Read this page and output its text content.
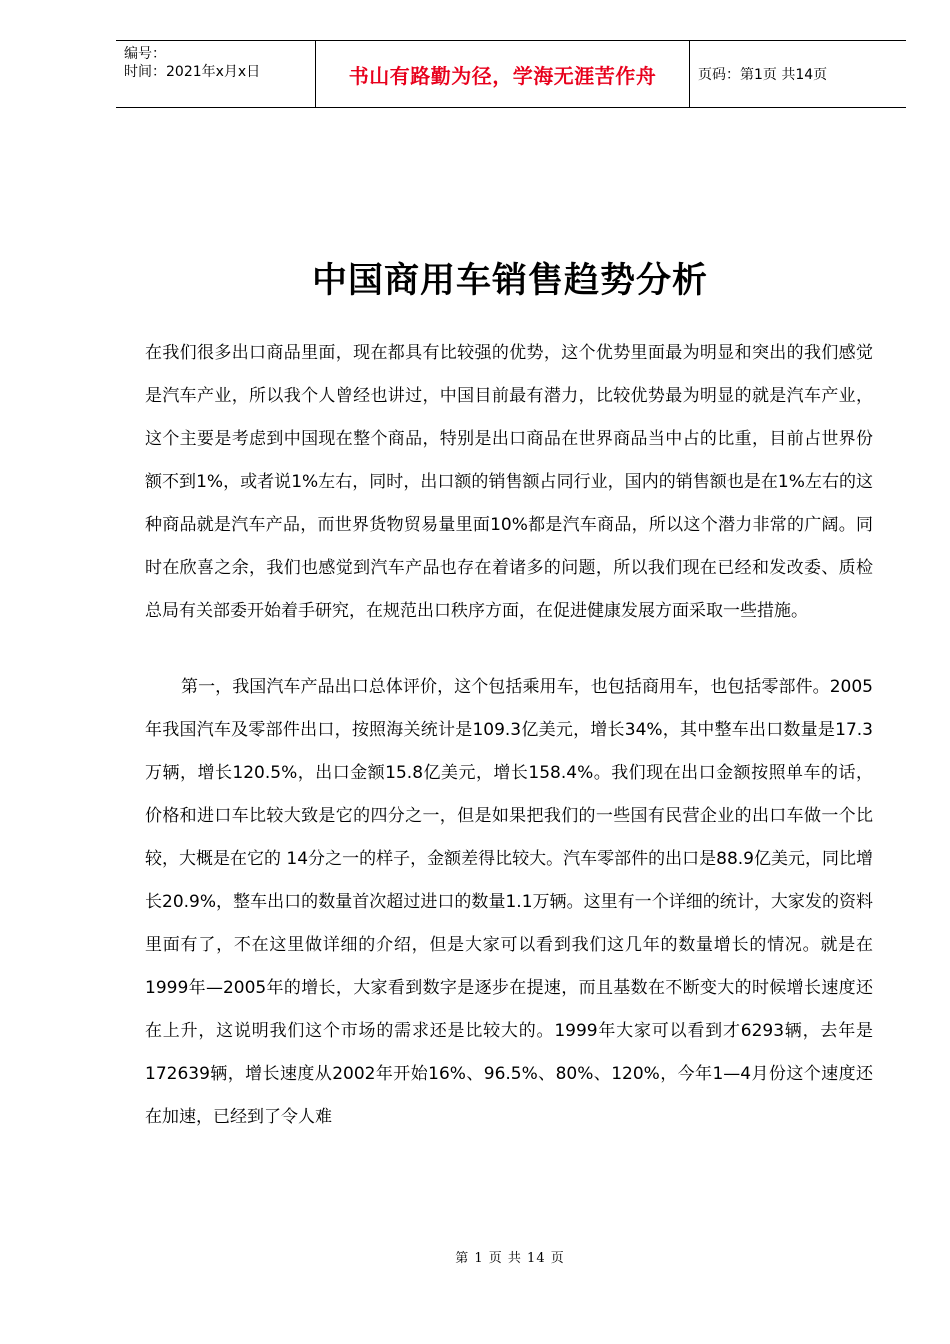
编号：
时间：2021年x月x日	书山有路勤为径，学海无涯苦作舟	页码：第1页 共14页
中国商用车销售趋势分析

在我们很多出口商品里面，现在都具有比较强的优势，这个优势里面最为明显和突出的我们感觉是汽车产业，所以我个人曾经也讲过，中国目前最有潜力，比较优势最为明显的就是汽车产业，这个主要是考虑到中国现在整个商品，特别是出口商品在世界商品当中占的比重，目前占世界份额不到1%，或者说1%左右，同时，出口额的销售额占同行业，国内的销售额也是在1%左右的这种商品就是汽车产品，而世界货物贸易量里面10%都是汽车商品，所以这个潜力非常的广阔。同时在欣喜之余，我们也感觉到汽车产品也存在着诸多的问题，所以我们现在已经和发改委、质检总局有关部委开始着手研究，在规范出口秩序方面，在促进健康发展方面采取一些措施。

第一，我国汽车产品出口总体评价，这个包括乘用车，也包括商用车，也包括零部件。2005年我国汽车及零部件出口，按照海关统计是109.3亿美元，增长34%，其中整车出口数量是17.3万辆，增长120.5%，出口金额15.8亿美元，增长158.4%。我们现在出口金额按照单车的话，价格和进口车比较大致是它的四分之一，但是如果把我们的一些国有民营企业的出口车做一个比较，大概是在它的 14分之一的样子，金额差得比较大。汽车零部件的出口是88.9亿美元，同比增长20.9%，整车出口的数量首次超过进口的数量1.1万辆。这里有一个详细的统计，大家发的资料里面有了，不在这里做详细的介绍，但是大家可以看到我们这几年的数量增长的情况。就是在1999年—2005年的增长，大家看到数字是逐步在提速，而且基数在不断变大的时候增长速度还在上升，这说明我们这个市场的需求还是比较大的。1999年大家可以看到才6293辆，去年是 172639辆，增长速度从2002年开始16%、96.5%、80%、120%，今年1—4月份这个速度还在加速，已经到了令人难

第 1 页 共 14 页
